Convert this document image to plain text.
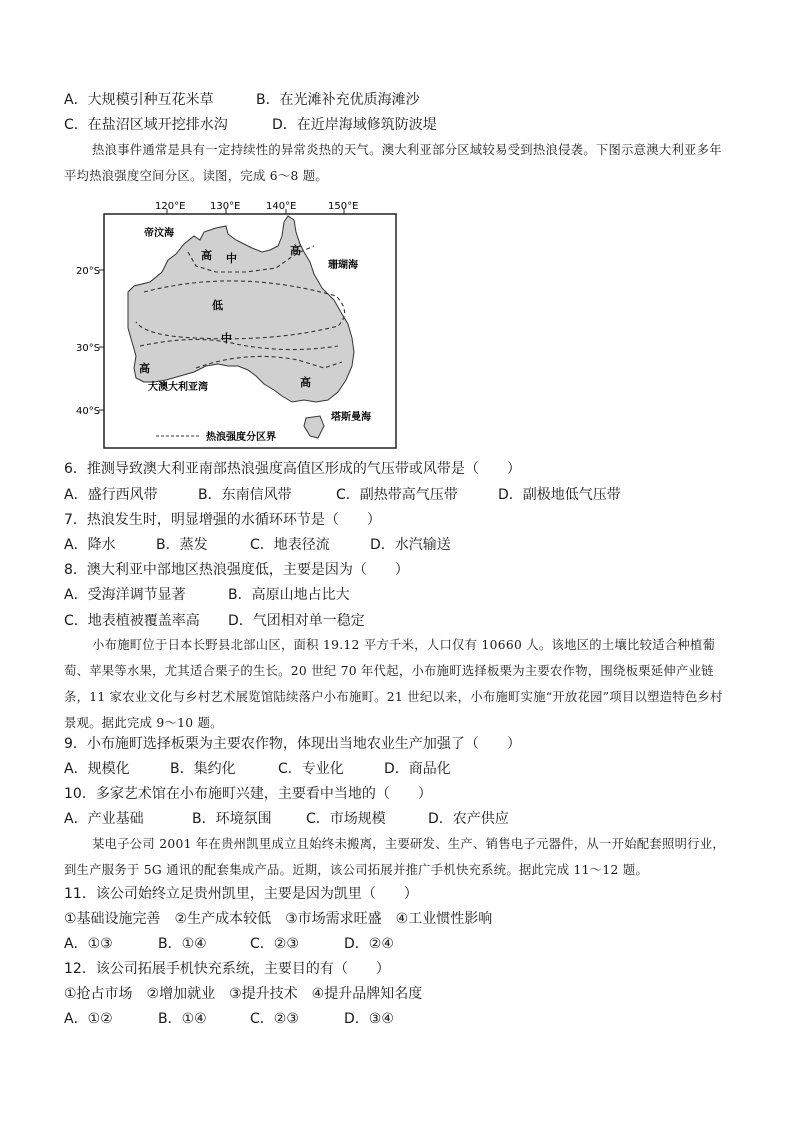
A．大规模引种互花米草	B．在光滩补充优质海滩沙
C．在盐沼区域开挖排水沟	D．在近岸海域修筑防波堤
热浪事件通常是具有一定持续性的异常炎热的天气。澳大利亚部分区域较易受到热浪侵袭。下图示意澳大利亚多年平均热浪强度空间分区。读图，完成 6～8 题。
120°E 130°E	140°E	150°E
20°S
30°S
40°S
高 中
高
低
中
高
高
帝汶海
珊瑚海
大澳大利亚湾
塔斯曼海
热浪强度分区界
6．推测导致澳大利亚南部热浪强度高值区形成的气压带或风带是（　　）
A．盛行西风带	B．东南信风带	C．副热带高气压带	D．副极地低气压带
7．热浪发生时，明显增强的水循环环节是（　　）
A．降水	B．蒸发	C．地表径流	D．水汽输送
8．澳大利亚中部地区热浪强度低，主要是因为（　　）
A．受海洋调节显著	B．高原山地占比大
C．地表植被覆盖率高 D．气团相对单一稳定
小布施町位于日本长野县北部山区，面积 19.12 平方千米，人口仅有 10660 人。该地区的土壤比较适合种植葡萄、苹果等水果，尤其适合栗子的生长。20 世纪 70 年代起，小布施町选择板栗为主要农作物，围绕板栗延伸产业链条，11 家农业文化与乡村艺术展览馆陆续落户小布施町。21 世纪以来，小布施町实施“开放花园”项目以塑造特色乡村景观。据此完成 9～10 题。
9．小布施町选择板栗为主要农作物，体现出当地农业生产加强了（　　）
A．规模化	B．集约化	C．专业化	D．商品化
10．多家艺术馆在小布施町兴建，主要看中当地的（　　）
A．产业基础	B．环境氛围 C．市场规模	D．农产供应
某电子公司 2001 年在贵州凯里成立且始终未搬离，主要研发、生产、销售电子元器件，从一开始配套照明行业，到生产服务于 5G 通讯的配套集成产品。近期，该公司拓展并推广手机快充系统。据此完成 11～12 题。
11．该公司始终立足贵州凯里，主要是因为凯里（　　）
①基础设施完善　②生产成本较低　③市场需求旺盛　④工业惯性影响
A．①③	B．①④	C．②③	D．②④
12．该公司拓展手机快充系统，主要目的有（　　）
①抢占市场　②增加就业　③提升技术　④提升品牌知名度
A．①②	B．①④	C．②③	D．③④
